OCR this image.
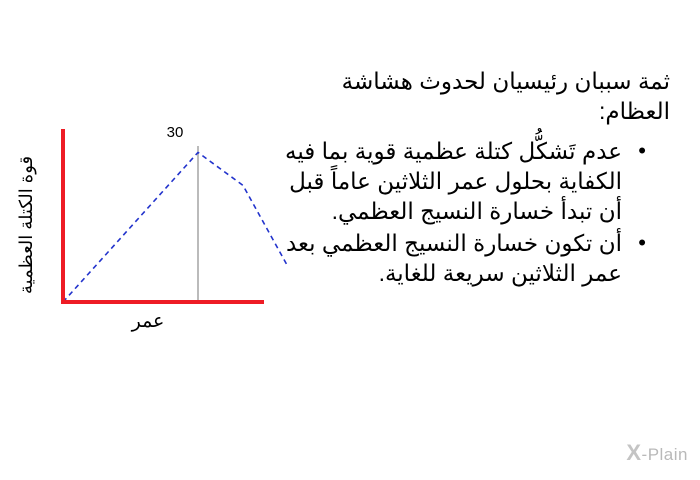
30
قوة الكتلة العظمية
عمر

ثمة سببان رئيسيان لحدوث هشاشة العظام:

•
عدم تَشكُّل كتلة عظمية قوية بما فيه الكفاية بحلول عمر الثلاثين عاماً قبل أن تبدأ خسارة النسيج العظمي.
•
أن تكون خسارة النسيج العظمي بعد عمر الثلاثين سريعة للغاية.
X-Plain
